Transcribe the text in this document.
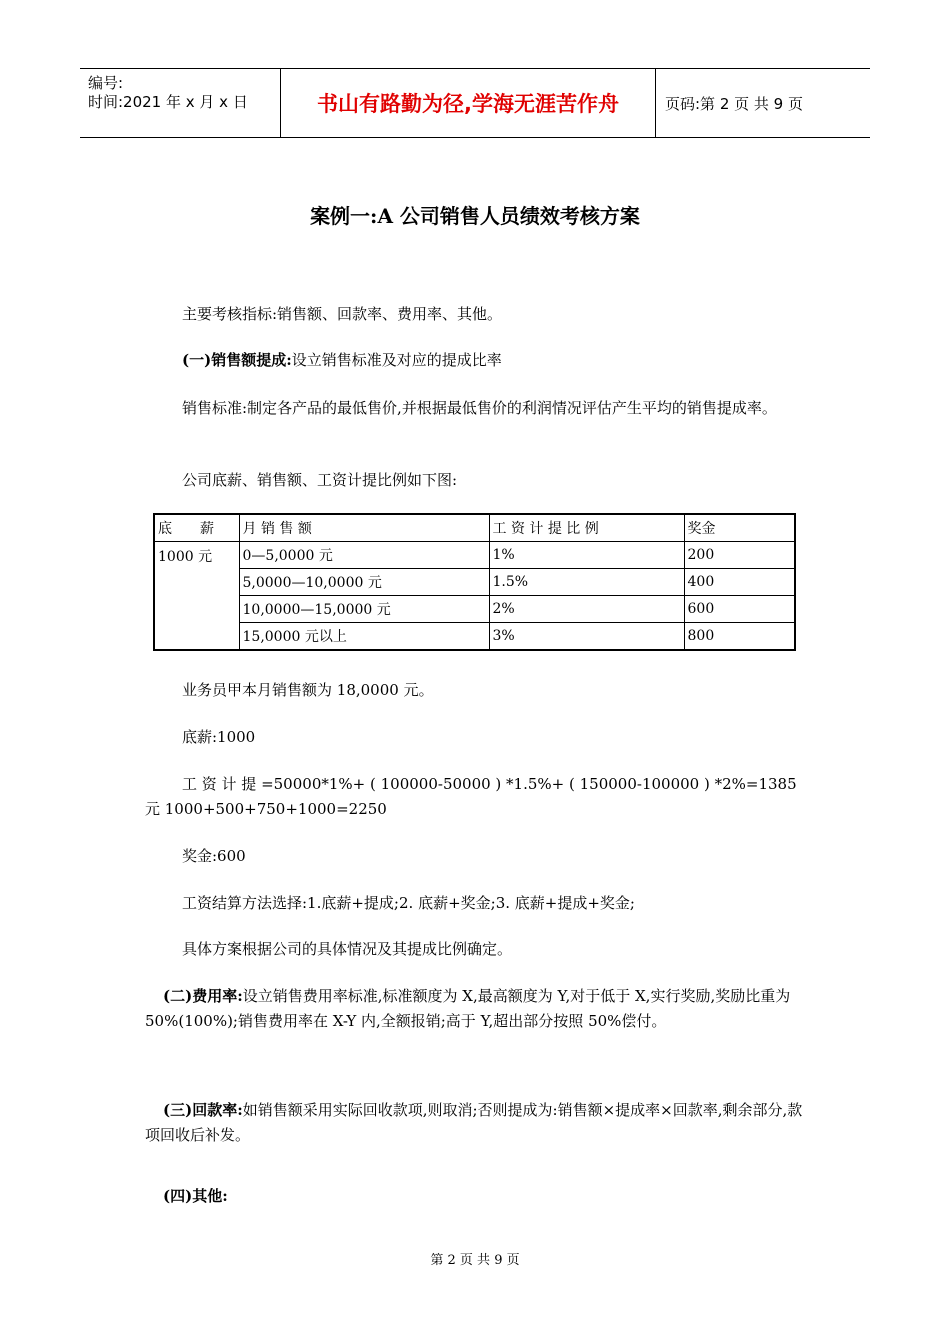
编号:
时间:2021 年 x 月 x 日	书山有路勤为径,学海无涯苦作舟	页码:第 2 页 共 9 页
案例一:A 公司销售人员绩效考核方案
主要考核指标:销售额、回款率、费用率、其他。
(一)销售额提成:设立销售标准及对应的提成比率
销售标准:制定各产品的最低售价,并根据最低售价的利润情况评估产生平均的销售提成率。
公司底薪、销售额、工资计提比例如下图:
底　　薪	月 销 售 额	工 资 计 提 比 例	奖金
1000 元	0—5,0000 元	1%	200
	5,0000—10,0000 元	1.5%	400
	10,0000—15,0000 元	2%	600
	15,0000 元以上	3%	800
业务员甲本月销售额为 18,0000 元。
底薪:1000
工 资 计 提 =50000*1%+ ( 100000-50000 ) *1.5%+ ( 150000-100000 ) *2%=1385 元 1000+500+750+1000=2250
奖金:600
工资结算方法选择:1.底薪+提成;2. 底薪+奖金;3. 底薪+提成+奖金;
具体方案根据公司的具体情况及其提成比例确定。
(二)费用率:设立销售费用率标准,标准额度为 X,最高额度为 Y,对于低于 X,实行奖励,奖励比重为 50%(100%);销售费用率在 X-Y 内,全额报销;高于 Y,超出部分按照 50%偿付。
(三)回款率:如销售额采用实际回收款项,则取消;否则提成为:销售额×提成率×回款率,剩余部分,款项回收后补发。
(四)其他:
第 2 页 共 9 页
